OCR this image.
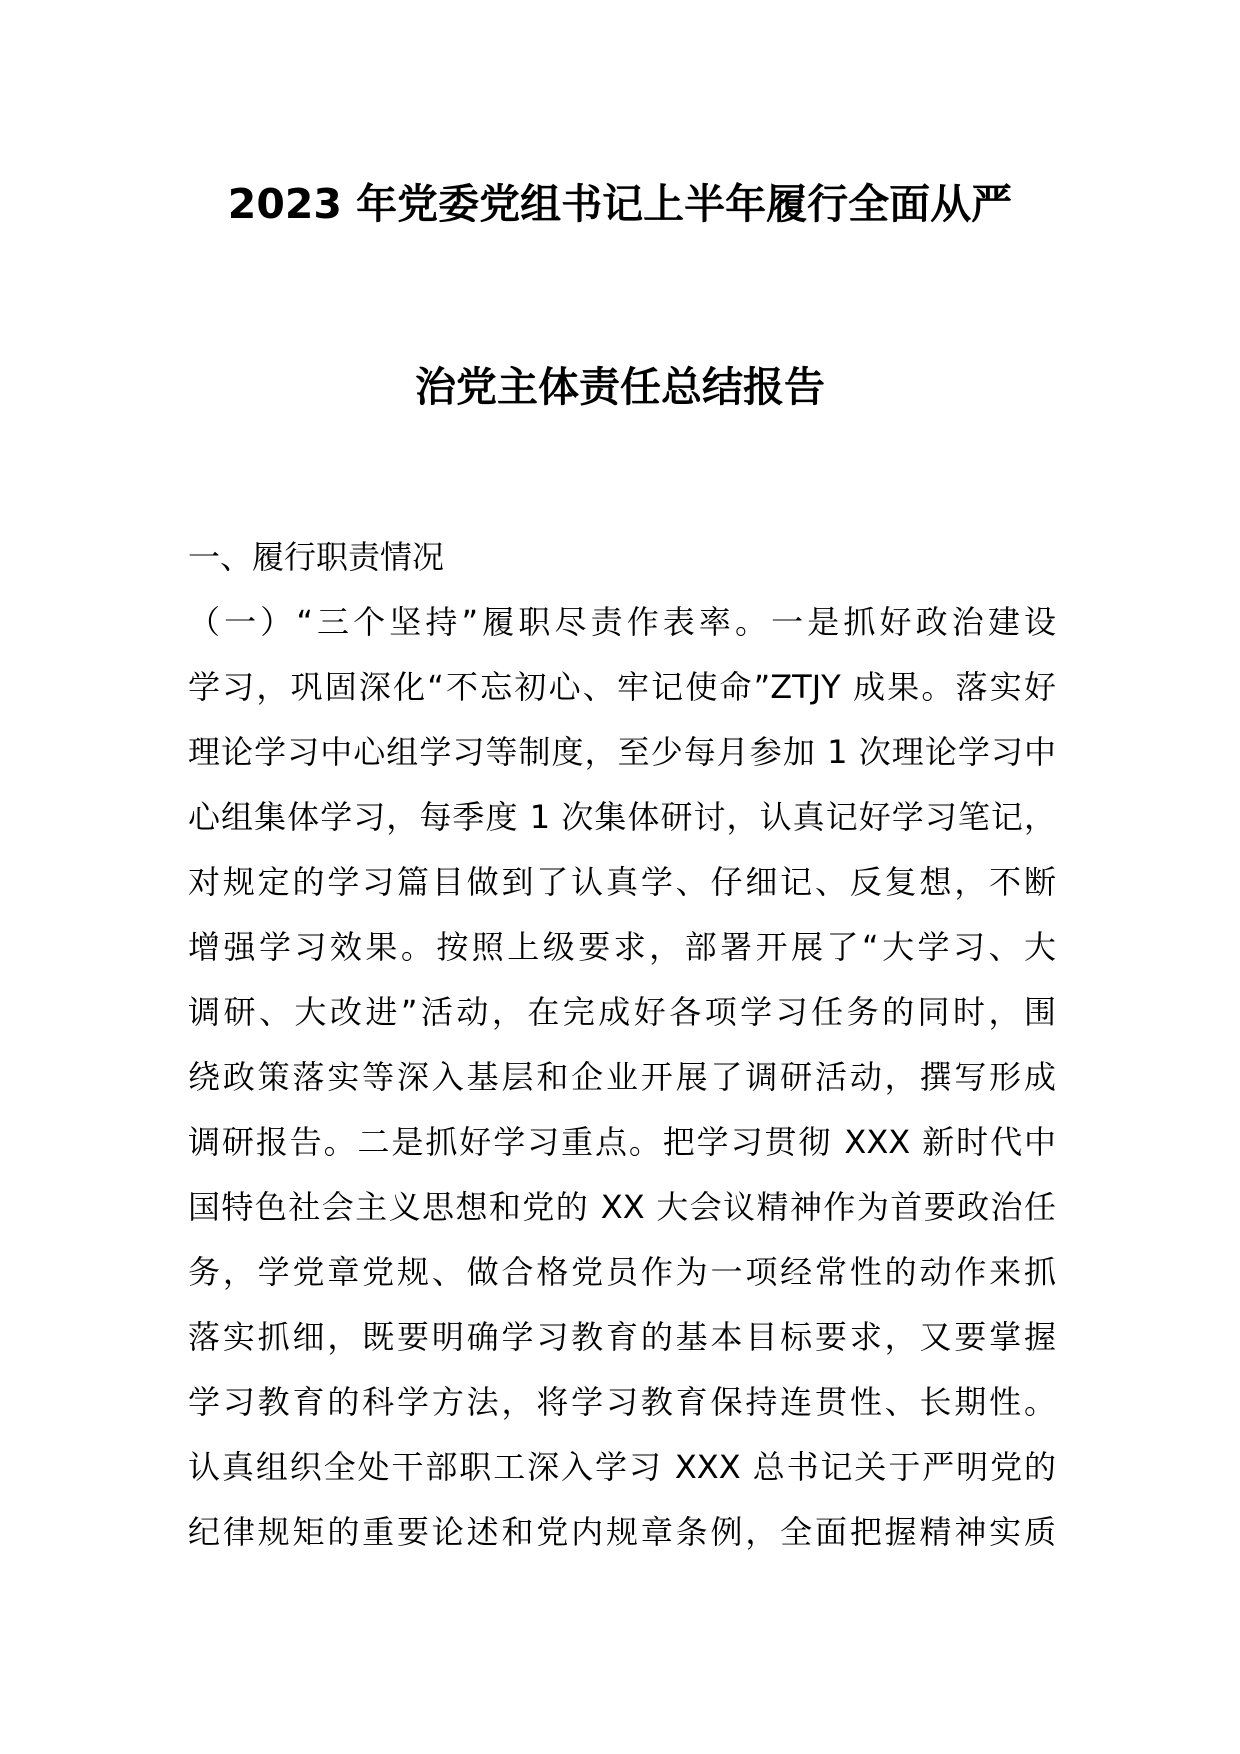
2023 年党委党组书记上半年履行全面从严
治党主体责任总结报告
一、履行职责情况
（一）“三个坚持”履职尽责作表率。一是抓好政治建设
学习，巩固深化“不忘初心、牢记使命”ZTJY 成果。落实好
理论学习中心组学习等制度，至少每月参加 1 次理论学习中
心组集体学习，每季度 1 次集体研讨，认真记好学习笔记，
对规定的学习篇目做到了认真学、仔细记、反复想，不断
增强学习效果。按照上级要求，部署开展了“大学习、大
调研、大改进”活动，在完成好各项学习任务的同时，围
绕政策落实等深入基层和企业开展了调研活动，撰写形成
调研报告。二是抓好学习重点。把学习贯彻 XXX 新时代中
国特色社会主义思想和党的 XX 大会议精神作为首要政治任
务，学党章党规、做合格党员作为一项经常性的动作来抓
落实抓细，既要明确学习教育的基本目标要求，又要掌握
学习教育的科学方法，将学习教育保持连贯性、长期性。
认真组织全处干部职工深入学习 XXX 总书记关于严明党的
纪律规矩的重要论述和党内规章条例，全面把握精神实质
